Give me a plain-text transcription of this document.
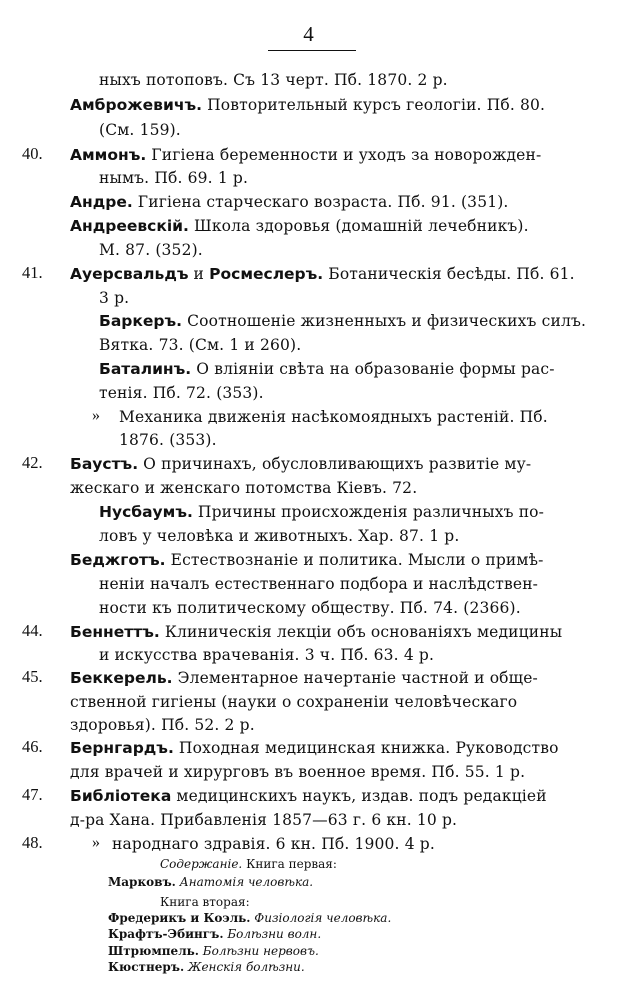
4
ныхъ потоповъ. Съ 13 черт. Пб. 1870. 2 р.
Амброжевичъ. Повторительный курсъ геологiи. Пб. 80.
(См. 159).
40. Аммонъ. Гигiена беременности и уходъ за новорожден-
нымъ. Пб. 69. 1 р.
Андре. Гигiена старческаго возраста. Пб. 91. (351).
Андреевскiй. Школа здоровья (домашнiй лечебникъ).
М. 87. (352).
41. Ауерсвальдъ и Росмеслеръ. Ботаническiя бесѣды. Пб. 61.
3 р.
Баркеръ. Соотношенiе жизненныхъ и физическихъ силъ.
Вятка. 73. (См. 1 и 260).
Баталинъ. О влiянiи свѣта на образованiе формы рас-
тенiя. Пб. 72. (353).
» Механика движенiя насѣкомоядныхъ растенiй. Пб.
1876. (353).
42. Баустъ. О причинахъ, обусловливающихъ развитiе му-
жескаго и женскаго потомства Кiевъ. 72.
Нусбаумъ. Причины происхожденiя различныхъ по-
ловъ у человѣка и животныхъ. Хар. 87. 1 р.
Беджготъ. Естествознанiе и политика. Мысли о примѣ-
ненiи началъ естественнаго подбора и наслѣдствен-
ности къ политическому обществу. Пб. 74. (2366).
44. Беннеттъ. Клиническiя лекцiи объ основанiяхъ медицины
и искусства врачеванiя. 3 ч. Пб. 63. 4 р.
45. Беккерель. Элементарное начертанiе частной и обще-
ственной гигiены (науки о сохраненiи человѣческаго
здоровья). Пб. 52. 2 р.
46. Бернгардъ. Походная медицинская книжка. Руководство
для врачей и хирурговъ въ военное время. Пб. 55. 1 р.
47. Библiотека медицинскихъ наукъ, издав. подъ редакцiей
д-ра Хана. Прибавленiя 1857—63 г. 6 кн. 10 р.
48.	» народнаго здравiя. 6 кн. Пб. 1900. 4 р.
Содержанiе. Книга первая:
Марковъ. Анатомiя человѣка.
Книга вторая:
Фредерикъ и Коэль. Физiологiя человѣка.
Крафтъ-Эбингъ. Болѣзни волн.
Штрюмпель. Болѣзни нервовъ.
Кюстнеръ. Женскiя болѣзни.
